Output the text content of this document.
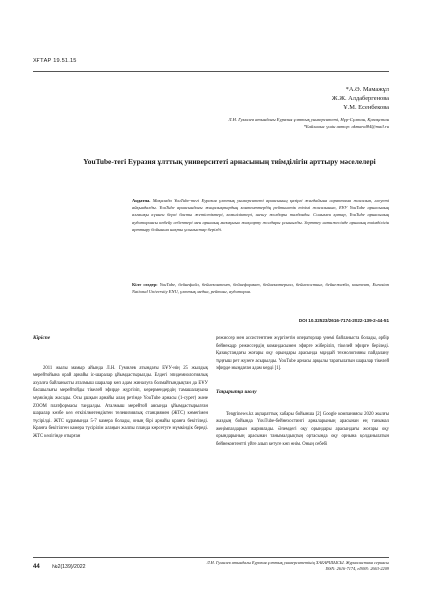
ХҒТАР 19.51.15
*А.Ә. Мамажұл
Ж.Ж. Алдабергенова
Ұ.М. Есенбекова
Л.Н. Гумилев атындағы Еуразия ұлттық университеті, Нұр-Сұлтан, Қазақстан
*Байланыс үшін автор: akmaral84@mail.ru
YouTube-тегі Еуразия ұлттық университеті арнасының тиімділігін арттыру мәселелері
Аңдатпа. Мақалада YouTube-тегі Еуразия ұлттық университеті арнасының қазіргі жағдайына сараптама жасалып, әлеуеті айқындалды. YouTube арнасындағы жаңалықтардың контенттердің рейтингтік тізімі жасалынып, ЕҰУ YouTube арнасының алғашқы күннен бергі басты жетістіктері, кемшіліктері, шешу жолдары талданды. Сонымен қатар, YouTube арнасының аудиториясы көбейу себептері мен арнаның мазмұнын жақсарту жолдары ұсынылды. Зерттеу нәтижесінде арнаның тиімділігін арттыру бойынша нақты ұсыныстар берілді.
Кілт сөздер: YouTube, бейнефайл, бейнеконтент, бейнеформат, бейнематериал, бейнехостинг, бейнежазба, контент, Eurasian National University ENU, ұлттық медиа, рейтинг, аудитория.
DOI 10.32523/2616-7174-2022-139-2-44-51
Кіріспе

2011 жылы мамыр айында Л.Н. Гумилев атындағы ЕҰУ-нің 25 жылдық мерейтойына орай арнайы іс-шаралар ұйымдастырылды. Елдегі эпидемиологиялық ахуалға байланысты аталмыш шаралар көп адам жиналуға болмайтындықтан да ЕҰУ басшылығы мерейтойды тікелей эфирде жүргізіп, көрермендердің тамашалауына мүмкіндік жасады. Осы ұшқын арнайы алаң ретінде YouTube арнасы (1-сурет) және ZOOM платформасы таңдалды. Аталмыш мерейтой аясында ұйымдастырылған шаралар көзбе көз өткізілмегендіктен телевизиялық станциямен (ЖТС) көмегімен түсірілді. ЖТС құрамында 5-7 камера болады, оның бірі арнайы кранға бекітіледі. Кранға бекітілген камера түсірілім алаңын жалпы планда көрсетуге мүмкіндік береді. ЖТС көлігінде отырған

режиссер мен ассистентпен жүргізетін операторлар үнемі байланыста болады, әрбір бейнекадр режиссердің командасымен эфирге жіберіліп, тікелей эфирге беріледі. Қазақстандағы жоғары оқу орындары арасында мұндай технологияны пайдалану тұңғыш рет жүзеге асырылды. YouTube арнасы арқылы таратылатын шаралар тікелей эфирде мыңдаған адам көрді [1].

Тақырыпқа шолу

Tengrinews.kz ақпараттық хабары бойынша [2] Google компаниясы 2020 жылғы жаздың бойында YouTube-бейнехостингі арналарының арасынан ең танымал жеңімпаздарын жариялады. Әлемдегі оқу орындары арасындағы жоғары оқу орындарының арасынан танымалдықтың ортасында оқу орнына қолданылатын бейнеконтентті үйге алып кетуге көп өнім. Оның себебі

44 №2(139)/2022
Л.Н. Гумилев атындағы Еуразия ұлттық университетінің ХАБАРШЫСЫ. Журналистика сериясы
ISSN: 2616-7174, eISSN: 2663-2209
